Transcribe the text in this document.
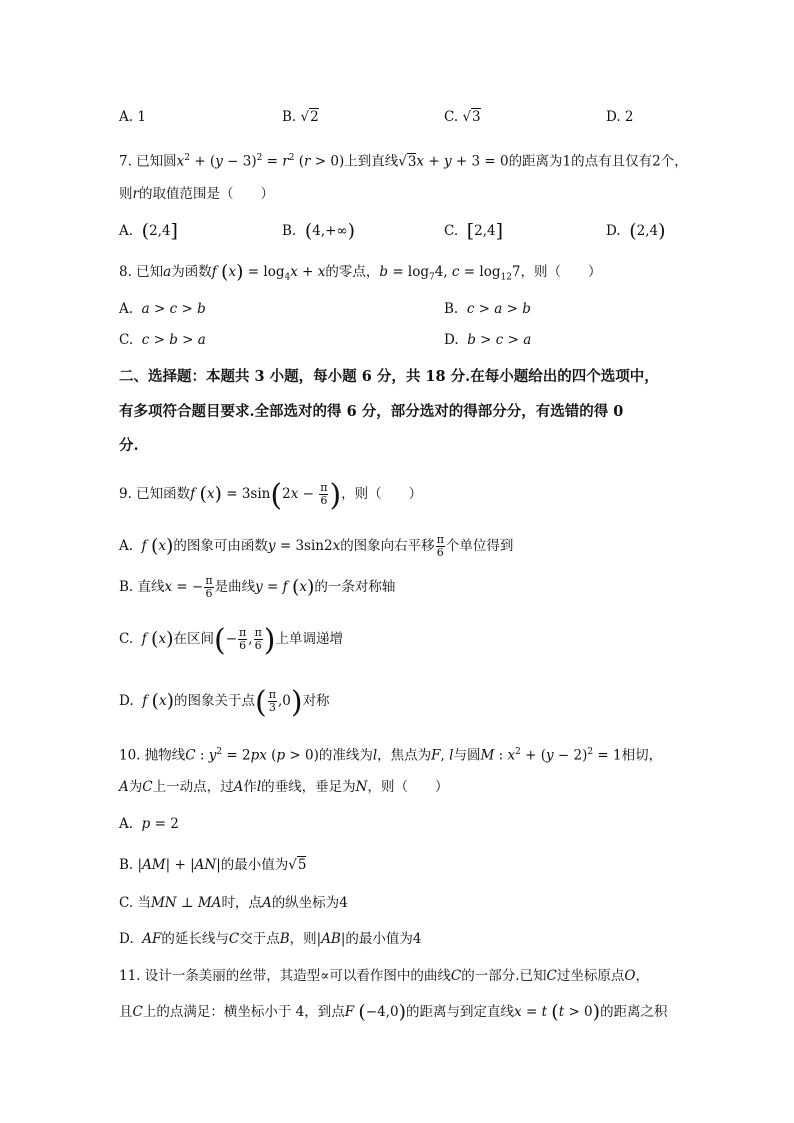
A. 1	B. √2	C. √3	D. 2
7. 已知圆$x^2 + (y - 3)^2 = r^2$ (r > 0)上到直线√3x + y + 3 = 0的距离为1的点有且仅有2个，
则r的取值范围是（　　）
A. (2,4]	B. (4,+∞)	C. [2,4]	D. (2,4)
8. 已知a为函数f $(x) = \log_4x + x$的零点，$b = \log_74$, $c = \log_{12}7$，则（　　）
A. a > c > b	B. c > a > b
C. c > b > a	D. b > c > a
二、选择题：本题共 3 小题，每小题 6 分，共 18 分.在每小题给出的四个选项中，
有多项符合题目要求.全部选对的得 6 分，部分选对的得部分分，有选错的得 0
分.
9. 已知函数f $(x) = 3\sin(2x - \frac{\pi}{6}$ )，则（　　）
A. f (x)的图象可由函数y = 3sin2x的图象向右平移 $\frac{\pi}{6}$ 个单位得到
B. 直线x = − $\frac{\pi}{6}$ 是曲线y = f (x)的一条对称轴
C. f (x)在区间(− $\frac{\pi}{6}$ , $\frac{\pi}{6}$ )上单调递增
D. f (x)的图象关于点( $\frac{\pi}{3} ,0$)对称
10. 抛物线C : $y^2 = 2px$ (p > 0)的准线为l，焦点为F, l与圆M : $x^2 + (y - 2)^2 = 1$相切，
A为C上一动点，过A作l的垂线，垂足为N，则（　　）
A. p = 2
B. |AM| + |AN|的最小值为√5
C. 当MN ⊥ MA时，点A的纵坐标为4
D. AF的延长线与C交于点B，则|AB|的最小值为4
11. 设计一条美丽的丝带，其造型∝可以看作图中的曲线C的一部分.已知C过坐标原点O，
且C上的点满足：横坐标小于 4，到点F (−4,0)的距离与到定直线x = t (t > 0)的距离之积
